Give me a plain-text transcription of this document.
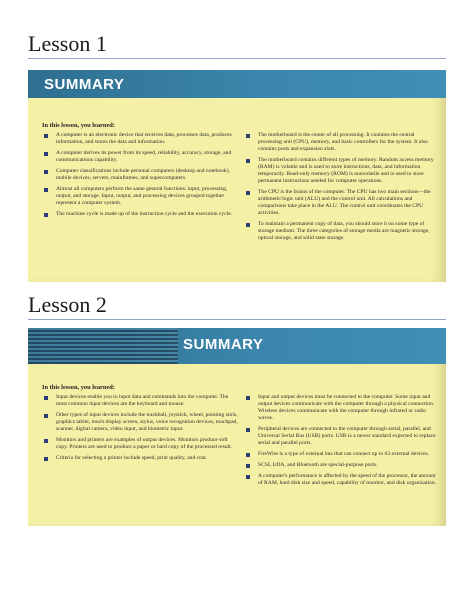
Lesson 1
SUMMARY
In this lesson, you learned:
A computer is an electronic device that receives data, processes data, produces information, and stores the data and information.
A computer derives its power from its speed, reliability, accuracy, storage, and communications capability.
Computer classifications include personal computers (desktop and notebook), mobile devices, servers, mainframes, and supercomputers.
Almost all computers perform the same general functions: input, processing, output, and storage. Input, output, and processing devices grouped together represent a computer system.
The machine cycle is made up of the instruction cycle and the execution cycle.
The motherboard is the center of all processing. It contains the central processing unit (CPU), memory, and basic controllers for the system. It also contains ports and expansion slots.
The motherboard contains different types of memory. Random access memory (RAM) is volatile and is used to store instructions, data, and information temporarily. Read-only memory (ROM) is nonvolatile and is used to store permanent instructions needed for computer operations.
The CPU is the brains of the computer. The CPU has two main sections—the arithmetic/logic unit (ALU) and the control unit. All calculations and comparisons take place in the ALU. The control unit coordinates the CPU activities.
To maintain a permanent copy of data, you should store it on some type of storage medium. The three categories of storage media are magnetic storage, optical storage, and solid state storage.
Lesson 2
SUMMARY
In this lesson, you learned:
Input devices enable you to input data and commands into the computer. The most common input devices are the keyboard and mouse.
Other types of input devices include the trackball, joystick, wheel, pointing stick, graphics tablet, touch display screen, stylus, voice recognition devices, touchpad, scanner, digital camera, video input, and biometric input.
Monitors and printers are examples of output devices. Monitors produce soft copy. Printers are used to produce a paper or hard copy of the processed result.
Criteria for selecting a printer include speed, print quality, and cost.
Input and output devices must be connected to the computer. Some input and output devices communicate with the computer through a physical connection. Wireless devices communicate with the computer through infrared or radio waves.
Peripheral devices are connected to the computer through serial, parallel, and Universal Serial Bus (USB) ports. USB is a newer standard expected to replace serial and parallel ports.
FireWire is a type of external bus that can connect up to 63 external devices.
SCSI, IrDA, and Bluetooth are special-purpose ports.
A computer's performance is affected by the speed of the processor, the amount of RAM, hard disk size and speed, capability of monitor, and disk organization.
